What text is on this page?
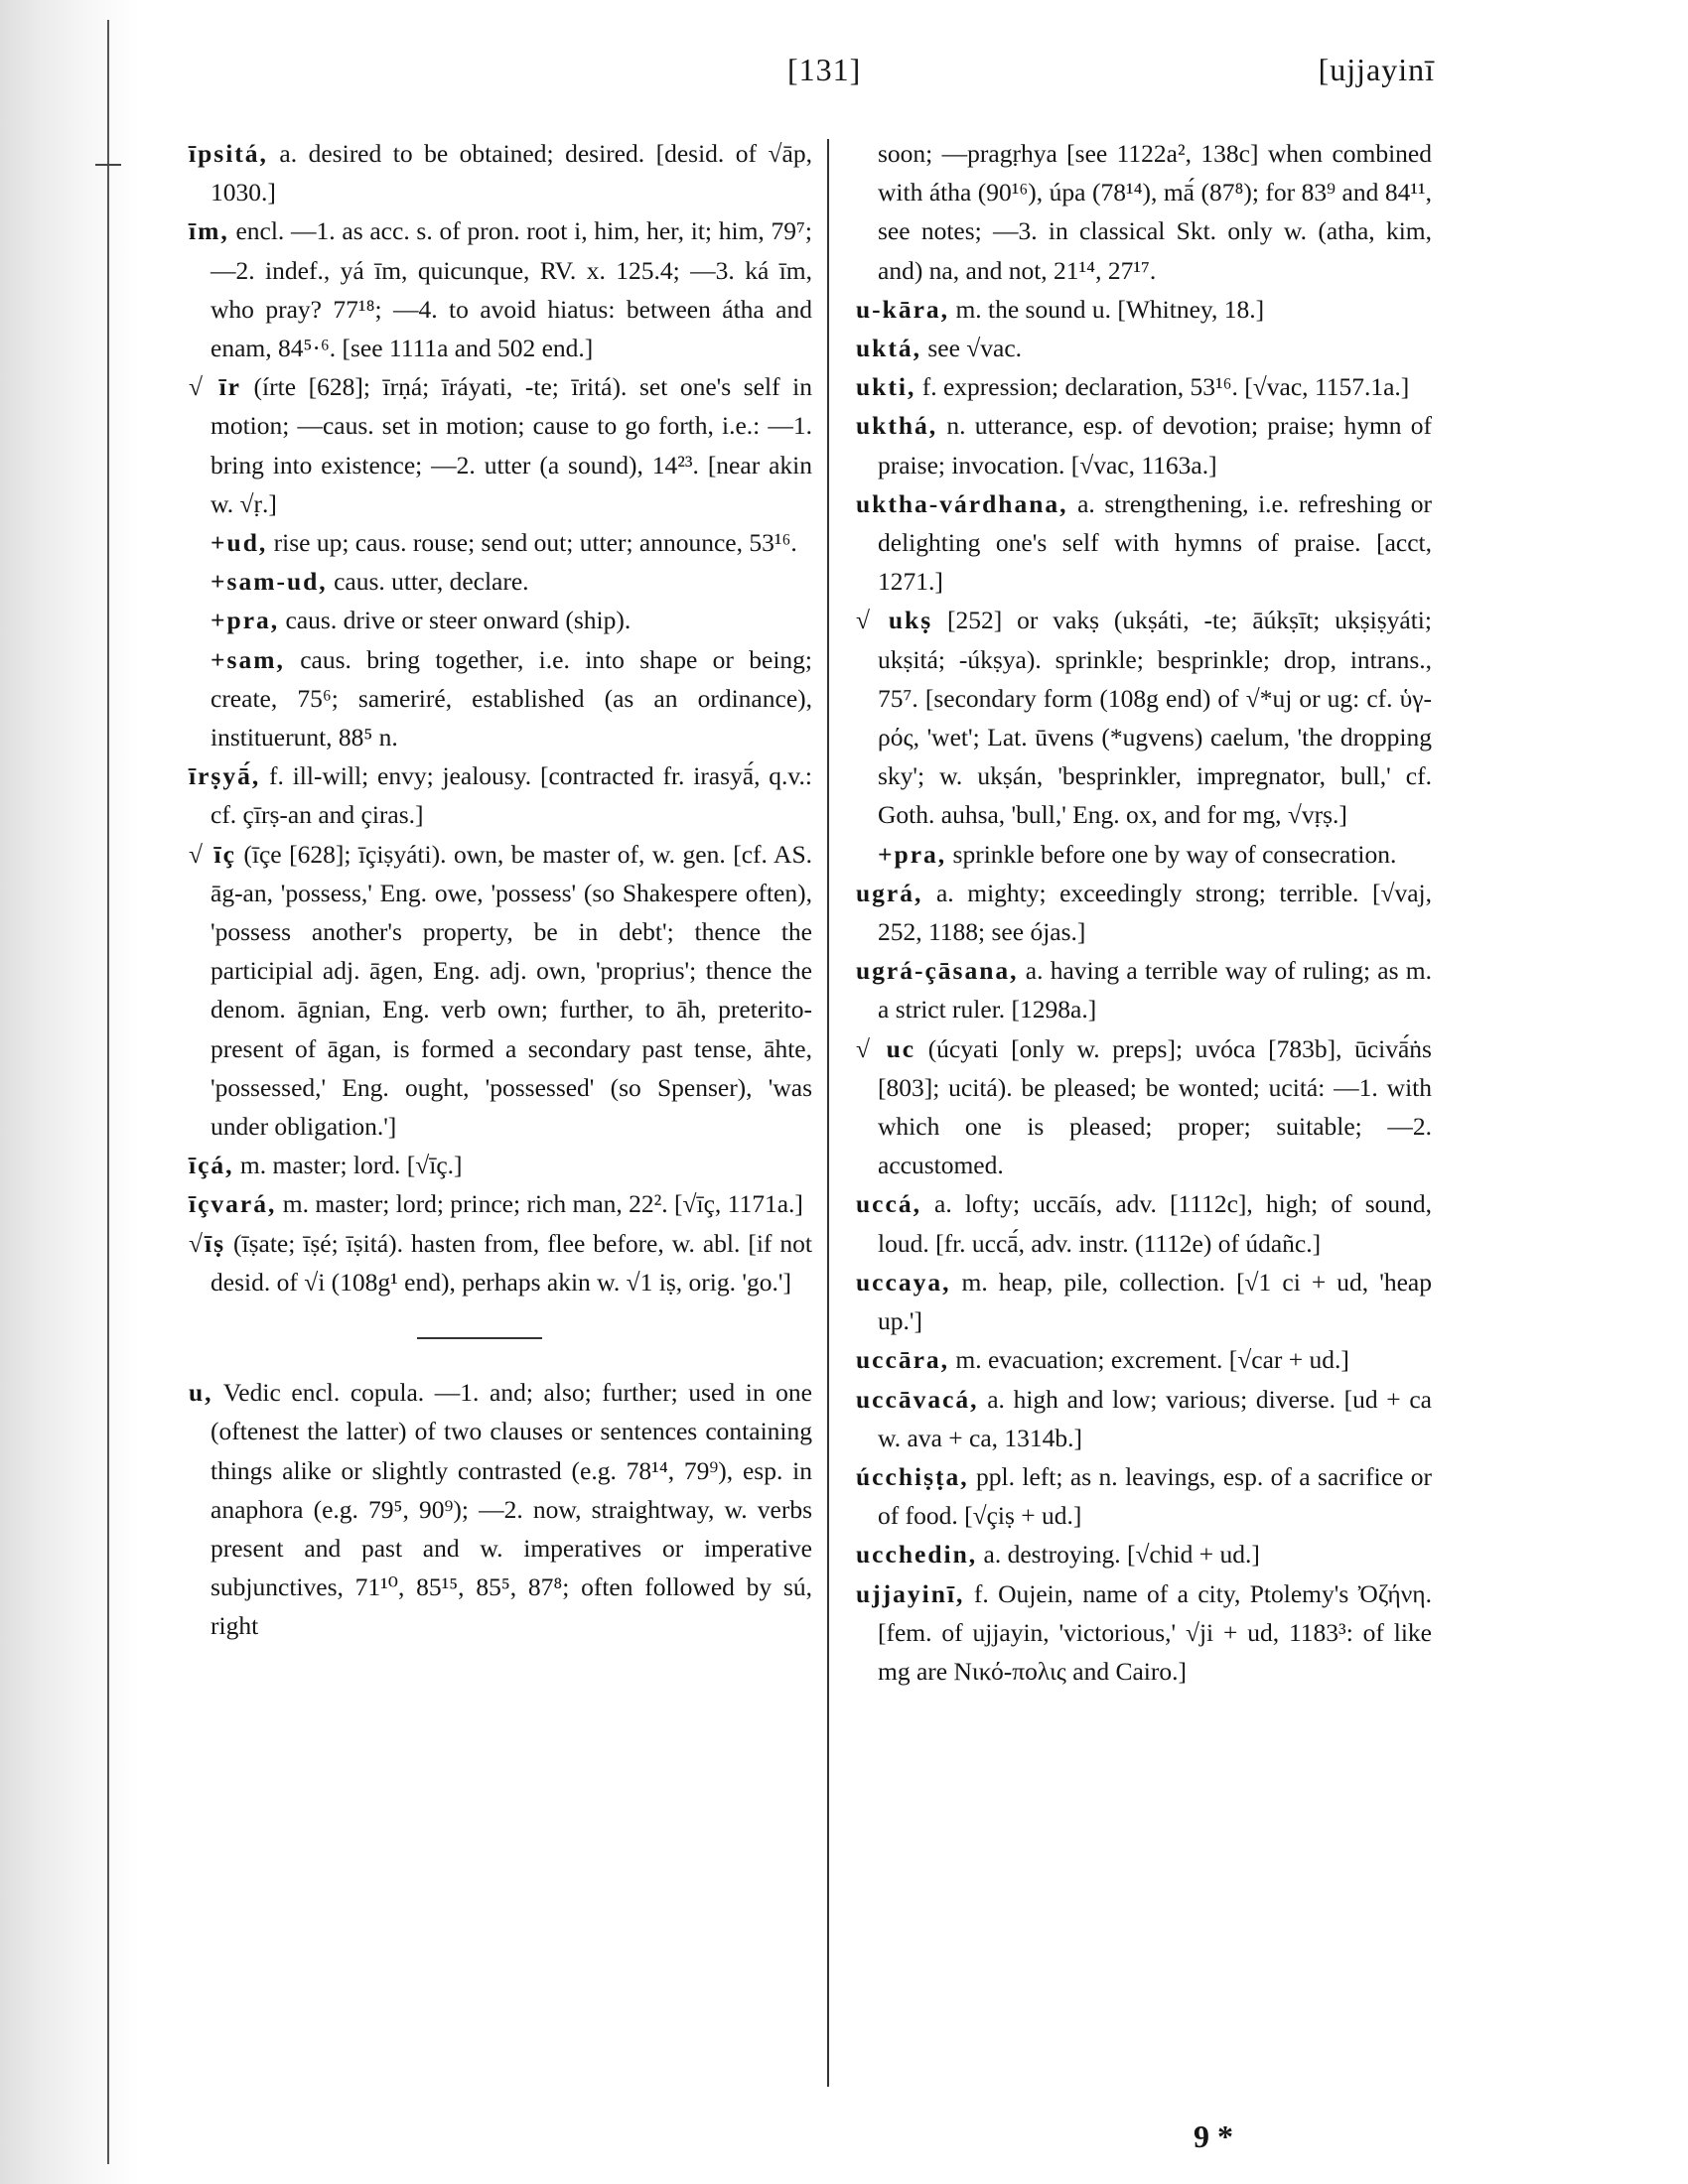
[131]	[ujjayinī

īpsitá, a. desired to be obtained; desired. [desid. of √āp, 1030.]

īm, encl. —1. as acc. s. of pron. root i, him, her, it; him, 79⁷; —2. indef., yá īm, quicunque, RV. x. 125.4; —3. ká īm, who pray? 77¹⁸; —4. to avoid hiatus: between átha and enam, 84⁵·⁶. [see 1111a and 502 end.]

√ īr (írte [628]; īrṇá; īráyati, -te; īritá). set one's self in motion; —caus. set in motion; cause to go forth, i.e.: —1. bring into existence; —2. utter (a sound), 14²³. [near akin w. √ṛ.]

+ud, rise up; caus. rouse; send out; utter; announce, 53¹⁶.

+sam-ud, caus. utter, declare.

+pra, caus. drive or steer onward (ship).

+sam, caus. bring together, i.e. into shape or being; create, 75⁶; sameriré, established (as an ordinance), instituerunt, 88⁵ n.

īrṣyā́, f. ill-will; envy; jealousy. [contracted fr. irasyā́, q.v.: cf. çīrṣ-an and çiras.]

√ īç (īçe [628]; īçiṣyáti). own, be master of, w. gen. [cf. AS. āg-an, 'possess,' Eng. owe, 'possess' (so Shakespere often), 'possess another's property, be in debt'; thence the participial adj. āgen, Eng. adj. own, 'proprius'; thence the denom. āgnian, Eng. verb own; further, to āh, preterito-present of āgan, is formed a secondary past tense, āhte, 'possessed,' Eng. ought, 'possessed' (so Spenser), 'was under obligation.']

īçá, m. master; lord. [√īç.]

īçvará, m. master; lord; prince; rich man, 22². [√īç, 1171a.]

√īṣ (īṣate; īṣé; īṣitá). hasten from, flee before, w. abl. [if not desid. of √i (108g¹ end), perhaps akin w. √1 iṣ, orig. 'go.']

u, Vedic encl. copula. —1. and; also; further; used in one (oftenest the latter) of two clauses or sentences containing things alike or slightly contrasted (e.g. 78¹⁴, 79⁹), esp. in anaphora (e.g. 79⁵, 90⁹); —2. now, straightway, w. verbs present and past and w. imperatives or imperative subjunctives, 71¹⁰, 85¹⁵, 85⁵, 87⁸; often followed by sú, right

soon; —pragṛhya [see 1122a², 138c] when combined with átha (90¹⁶), úpa (78¹⁴), mā́ (87⁸); for 83⁹ and 84¹¹, see notes; —3. in classical Skt. only w. (atha, kim, and) na, and not, 21¹⁴, 27¹⁷.

u-kāra, m. the sound u. [Whitney, 18.]

uktá, see √vac.

ukti, f. expression; declaration, 53¹⁶. [√vac, 1157.1a.]

ukthá, n. utterance, esp. of devotion; praise; hymn of praise; invocation. [√vac, 1163a.]

uktha-várdhana, a. strengthening, i.e. refreshing or delighting one's self with hymns of praise. [acct, 1271.]

√ ukṣ [252] or vakṣ (ukṣáti, -te; āúkṣīt; ukṣiṣyáti; ukṣitá; -úkṣya). sprinkle; besprinkle; drop, intrans., 75⁷. [secondary form (108g end) of √*uj or ug: cf. ὑγ-ρός, 'wet'; Lat. ūvens (*ugvens) caelum, 'the dropping sky'; w. ukṣán, 'besprinkler, impregnator, bull,' cf. Goth. auhsa, 'bull,' Eng. ox, and for mg, √vṛṣ.]

+pra, sprinkle before one by way of consecration.

ugrá, a. mighty; exceedingly strong; terrible. [√vaj, 252, 1188; see ójas.]

ugrá-çāsana, a. having a terrible way of ruling; as m. a strict ruler. [1298a.]

√ uc (úcyati [only w. preps]; uvóca [783b], ūcivā́ṅs [803]; ucitá). be pleased; be wonted; ucitá: —1. with which one is pleased; proper; suitable; —2. accustomed.

uccá, a. lofty; uccāís, adv. [1112c], high; of sound, loud. [fr. uccā́, adv. instr. (1112e) of údañc.]

uccaya, m. heap, pile, collection. [√1 ci + ud, 'heap up.']

uccāra, m. evacuation; excrement. [√car + ud.]

uccāvacá, a. high and low; various; diverse. [ud + ca w. ava + ca, 1314b.]

úcchiṣṭa, ppl. left; as n. leavings, esp. of a sacrifice or of food. [√çiṣ + ud.]

ucchedin, a. destroying. [√chid + ud.]

ujjayinī, f. Oujein, name of a city, Ptolemy's Ὀζήνη. [fem. of ujjayin, 'victorious,' √ji + ud, 1183³: of like mg are Νικό-πολις and Cairo.]

9 *
